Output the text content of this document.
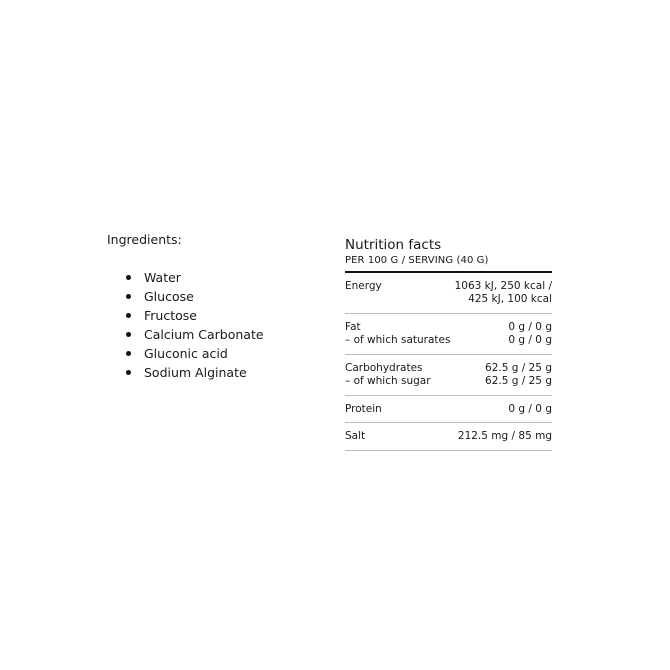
Ingredients:
Water
Glucose
Fructose
Calcium Carbonate
Gluconic acid
Sodium Alginate
Nutrition facts
PER 100 G / SERVING (40 G)
Energy	1063 kJ, 250 kcal /
425 kJ, 100 kcal
Fat	0 g / 0 g
– of which saturates	0 g / 0 g
Carbohydrates	62.5 g / 25 g
– of which sugar	62.5 g / 25 g
Protein	0 g / 0 g
Salt	212.5 mg / 85 mg
